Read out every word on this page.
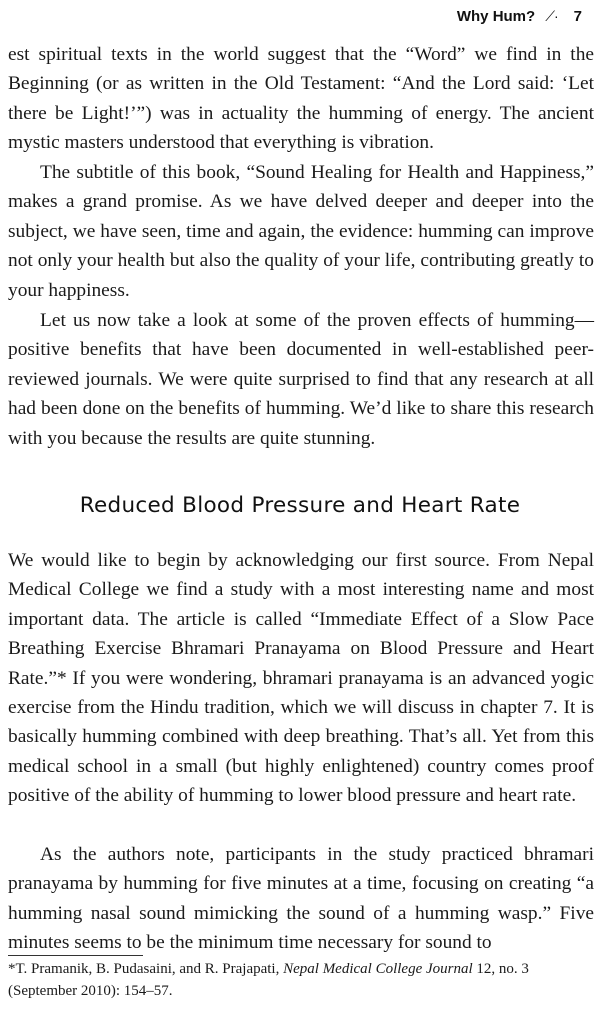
Why Hum? ⟋· 7

est spiritual texts in the world suggest that the “Word” we find in the Beginning (or as written in the Old Testament: “And the Lord said: ‘Let there be Light!’”) was in actuality the humming of energy. The ancient mystic masters understood that everything is vibration.

The subtitle of this book, “Sound Healing for Health and Happiness,” makes a grand promise. As we have delved deeper and deeper into the subject, we have seen, time and again, the evidence: humming can improve not only your health but also the quality of your life, contributing greatly to your happiness.

Let us now take a look at some of the proven effects of humming—positive benefits that have been documented in well-established peer-reviewed journals. We were quite surprised to find that any research at all had been done on the benefits of humming. We’d like to share this research with you because the results are quite stunning.

Reduced Blood Pressure and Heart Rate

We would like to begin by acknowledging our first source. From Nepal Medical College we find a study with a most interesting name and most important data. The article is called “Immediate Effect of a Slow Pace Breathing Exercise Bhramari Pranayama on Blood Pressure and Heart Rate.”* If you were wondering, bhramari pranayama is an advanced yogic exercise from the Hindu tradition, which we will discuss in chapter 7. It is basically humming combined with deep breathing. That’s all. Yet from this medical school in a small (but highly enlightened) country comes proof positive of the ability of humming to lower blood pressure and heart rate.

As the authors note, participants in the study practiced bhramari pranayama by humming for five minutes at a time, focusing on creating “a humming nasal sound mimicking the sound of a humming wasp.” Five minutes seems to be the minimum time necessary for sound to

*T. Pramanik, B. Pudasaini, and R. Prajapati, Nepal Medical College Journal 12, no. 3 (September 2010): 154–57.
